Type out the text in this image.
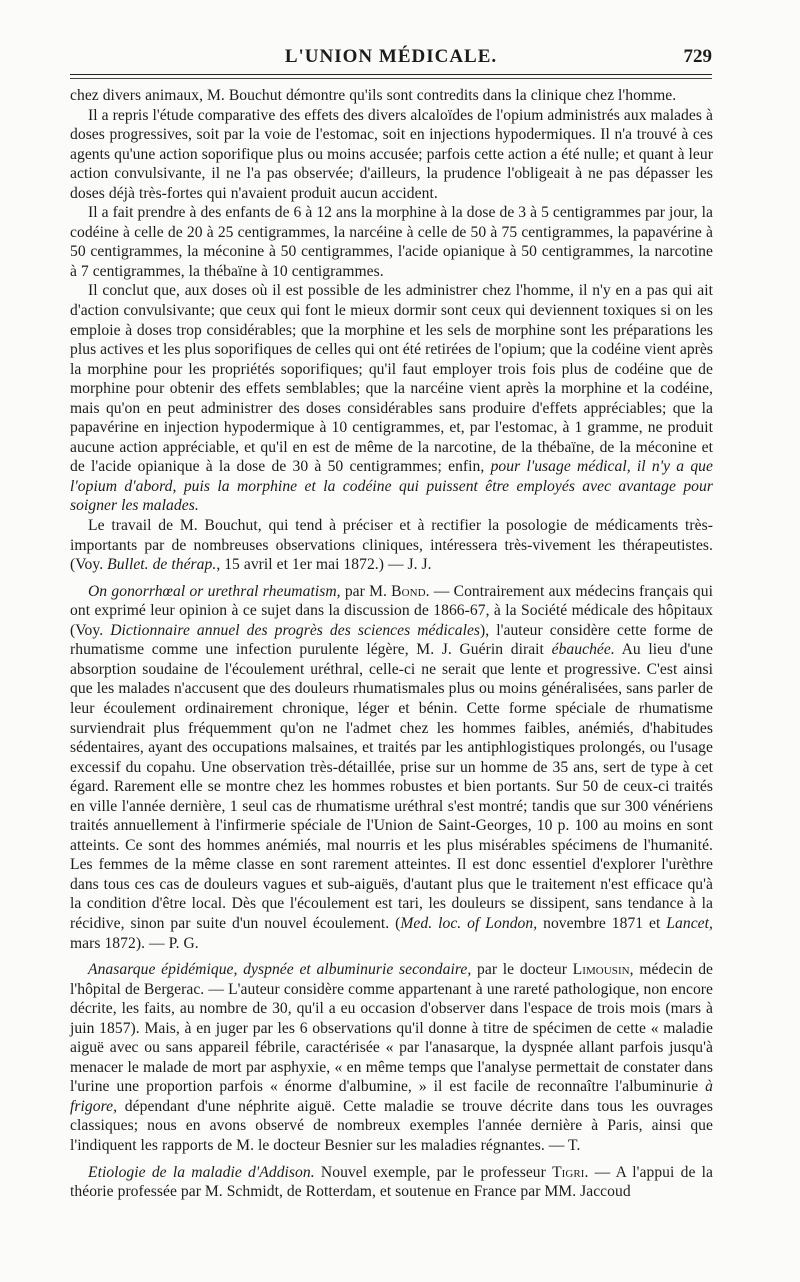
L'UNION MÉDICALE.	729

chez divers animaux, M. Bouchut démontre qu'ils sont contredits dans la clinique chez l'homme.

Il a repris l'étude comparative des effets des divers alcaloïdes de l'opium administrés aux malades à doses progressives, soit par la voie de l'estomac, soit en injections hypodermiques. Il n'a trouvé à ces agents qu'une action soporifique plus ou moins accusée; parfois cette action a été nulle; et quant à leur action convulsivante, il ne l'a pas observée; d'ailleurs, la prudence l'obligeait à ne pas dépasser les doses déjà très-fortes qui n'avaient produit aucun accident.

Il a fait prendre à des enfants de 6 à 12 ans la morphine à la dose de 3 à 5 centigrammes par jour, la codéine à celle de 20 à 25 centigrammes, la narcéine à celle de 50 à 75 centigrammes, la papavérine à 50 centigrammes, la méconine à 50 centigrammes, l'acide opianique à 50 centigrammes, la narcotine à 7 centigrammes, la thébaïne à 10 centigrammes.

Il conclut que, aux doses où il est possible de les administrer chez l'homme, il n'y en a pas qui ait d'action convulsivante; que ceux qui font le mieux dormir sont ceux qui deviennent toxiques si on les emploie à doses trop considérables; que la morphine et les sels de morphine sont les préparations les plus actives et les plus soporifiques de celles qui ont été retirées de l'opium; que la codéine vient après la morphine pour les propriétés soporifiques; qu'il faut employer trois fois plus de codéine que de morphine pour obtenir des effets semblables; que la narcéine vient après la morphine et la codéine, mais qu'on en peut administrer des doses considérables sans produire d'effets appréciables; que la papavérine en injection hypodermique à 10 centigrammes, et, par l'estomac, à 1 gramme, ne produit aucune action appréciable, et qu'il en est de même de la narcotine, de la thébaïne, de la méconine et de l'acide opianique à la dose de 30 à 50 centigrammes; enfin, pour l'usage médical, il n'y a que l'opium d'abord, puis la morphine et la codéine qui puissent être employés avec avantage pour soigner les malades.

Le travail de M. Bouchut, qui tend à préciser et à rectifier la posologie de médicaments très-importants par de nombreuses observations cliniques, intéressera très-vivement les thérapeutistes. (Voy. Bullet. de thérap., 15 avril et 1er mai 1872.) — J. J.

On gonorrhœal or urethral rheumatism, par M. Bond. — Contrairement aux médecins français qui ont exprimé leur opinion à ce sujet dans la discussion de 1866-67, à la Société médicale des hôpitaux (Voy. Dictionnaire annuel des progrès des sciences médicales), l'auteur considère cette forme de rhumatisme comme une infection purulente légère, M. J. Guérin dirait ébauchée. Au lieu d'une absorption soudaine de l'écoulement uréthral, celle-ci ne serait que lente et progressive. C'est ainsi que les malades n'accusent que des douleurs rhumatismales plus ou moins généralisées, sans parler de leur écoulement ordinairement chronique, léger et bénin. Cette forme spéciale de rhumatisme surviendrait plus fréquemment qu'on ne l'admet chez les hommes faibles, anémiés, d'habitudes sédentaires, ayant des occupations malsaines, et traités par les antiphlogistiques prolongés, ou l'usage excessif du copahu. Une observation très-détaillée, prise sur un homme de 35 ans, sert de type à cet égard. Rarement elle se montre chez les hommes robustes et bien portants. Sur 50 de ceux-ci traités en ville l'année dernière, 1 seul cas de rhumatisme uréthral s'est montré; tandis que sur 300 vénériens traités annuellement à l'infirmerie spéciale de l'Union de Saint-Georges, 10 p. 100 au moins en sont atteints. Ce sont des hommes anémiés, mal nourris et les plus misérables spécimens de l'humanité. Les femmes de la même classe en sont rarement atteintes. Il est donc essentiel d'explorer l'urèthre dans tous ces cas de douleurs vagues et sub-aiguës, d'autant plus que le traitement n'est efficace qu'à la condition d'être local. Dès que l'écoulement est tari, les douleurs se dissipent, sans tendance à la récidive, sinon par suite d'un nouvel écoulement. (Med. loc. of London, novembre 1871 et Lancet, mars 1872). — P. G.

Anasarque épidémique, dyspnée et albuminurie secondaire, par le docteur Limousin, médecin de l'hôpital de Bergerac. — L'auteur considère comme appartenant à une rareté pathologique, non encore décrite, les faits, au nombre de 30, qu'il a eu occasion d'observer dans l'espace de trois mois (mars à juin 1857). Mais, à en juger par les 6 observations qu'il donne à titre de spécimen de cette « maladie aiguë avec ou sans appareil fébrile, caractérisée « par l'anasarque, la dyspnée allant parfois jusqu'à menacer le malade de mort par asphyxie, « en même temps que l'analyse permettait de constater dans l'urine une proportion parfois « énorme d'albumine, » il est facile de reconnaître l'albuminurie à frigore, dépendant d'une néphrite aiguë. Cette maladie se trouve décrite dans tous les ouvrages classiques; nous en avons observé de nombreux exemples l'année dernière à Paris, ainsi que l'indiquent les rapports de M. le docteur Besnier sur les maladies régnantes. — T.

Etiologie de la maladie d'Addison. Nouvel exemple, par le professeur Tigri. — A l'appui de la théorie professée par M. Schmidt, de Rotterdam, et soutenue en France par MM. Jaccoud
